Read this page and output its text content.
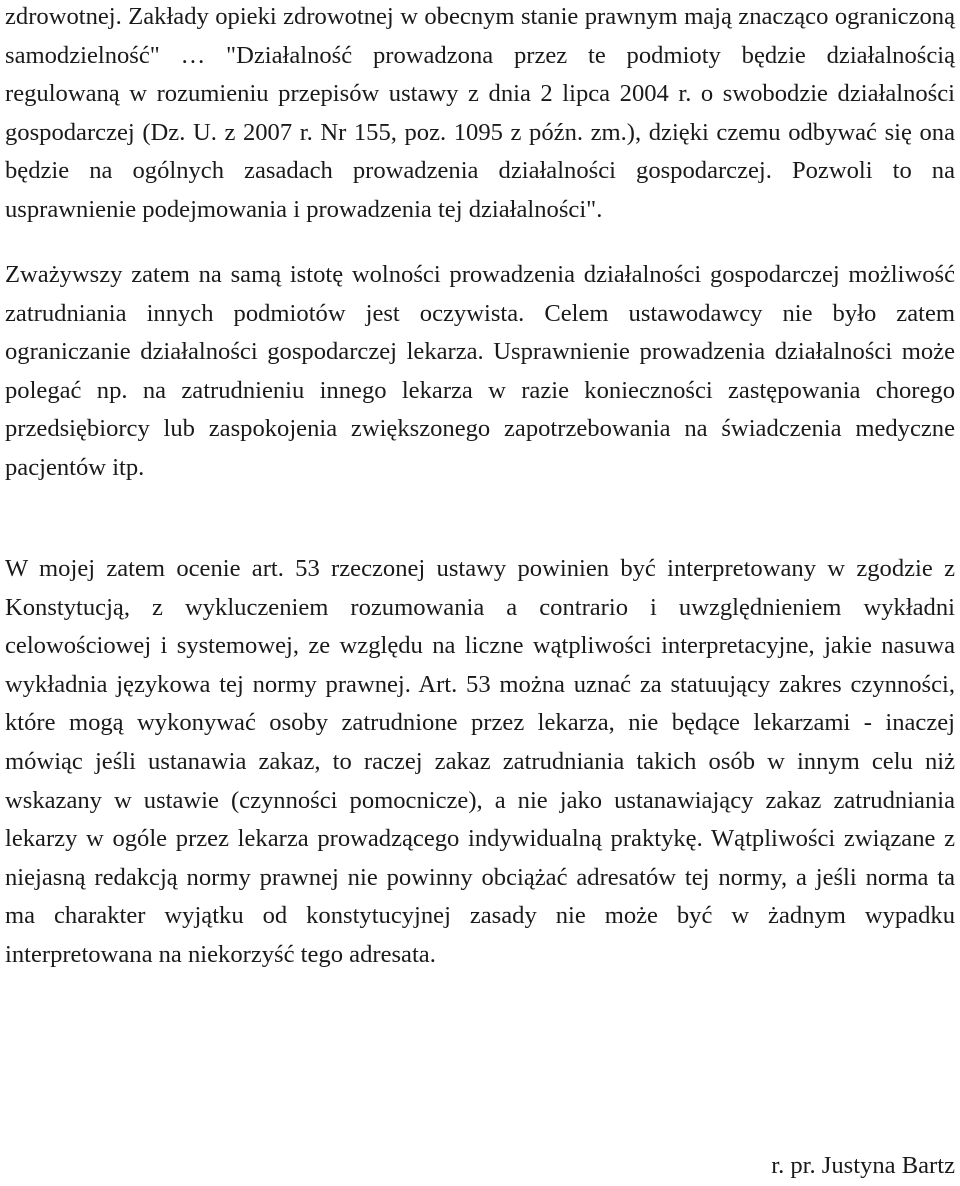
zdrowotnej. Zakłady opieki zdrowotnej w obecnym stanie prawnym mają znacząco ograniczoną samodzielność" … "Działalność prowadzona przez te podmioty będzie działalnością regulowaną w rozumieniu przepisów ustawy z dnia 2 lipca 2004 r. o swobodzie działalności gospodarczej (Dz. U. z 2007 r. Nr 155, poz. 1095 z późn. zm.), dzięki czemu odbywać się ona będzie na ogólnych zasadach prowadzenia działalności gospodarczej. Pozwoli to na usprawnienie podejmowania i prowadzenia tej działalności".

Zważywszy zatem na samą istotę wolności prowadzenia działalności gospodarczej możliwość zatrudniania innych podmiotów jest oczywista. Celem ustawodawcy nie było zatem ograniczanie działalności gospodarczej lekarza. Usprawnienie prowadzenia działalności może polegać np. na zatrudnieniu innego lekarza w razie konieczności zastępowania chorego przedsiębiorcy lub zaspokojenia zwiększonego zapotrzebowania na świadczenia medyczne pacjentów itp.

W mojej zatem ocenie art. 53 rzeczonej ustawy powinien być interpretowany w zgodzie z Konstytucją, z wykluczeniem rozumowania a contrario i uwzględnieniem wykładni celowościowej i systemowej, ze względu na liczne wątpliwości interpretacyjne, jakie nasuwa wykładnia językowa tej normy prawnej. Art. 53 można uznać za statuujący zakres czynności, które mogą wykonywać osoby zatrudnione przez lekarza, nie będące lekarzami - inaczej mówiąc jeśli ustanawia zakaz, to raczej zakaz zatrudniania takich osób w innym celu niż wskazany w ustawie (czynności pomocnicze), a nie jako ustanawiający zakaz zatrudniania lekarzy w ogóle przez lekarza prowadzącego indywidualną praktykę. Wątpliwości związane z niejasną redakcją normy prawnej nie powinny obciążać adresatów tej normy, a jeśli norma ta ma charakter wyjątku od konstytucyjnej zasady nie może być w żadnym wypadku interpretowana na niekorzyść tego adresata.

r. pr. Justyna Bartz
